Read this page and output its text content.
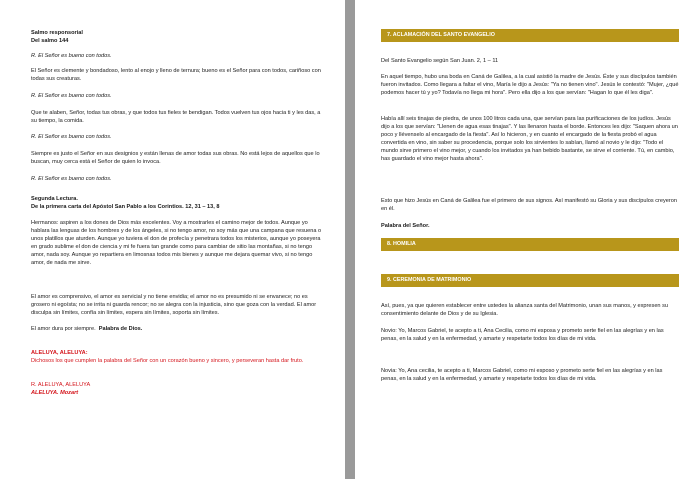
Salmo responsorial
Del salmo 144
R. El Señor es bueno con todos.
El Señor es clemente y bondadoso, lento al enojo y lleno de ternura; bueno es el Señor para con todos, cariñoso con todas sus creaturas.
R. El Señor es bueno con todos.
Que te alaben, Señor, todas tus obras, y que todos tus fieles te bendigan. Todos vuelven tus ojos hacia ti y les das, a su tiempo, la comida.
R. El Señor es bueno con todos.
Siempre es justo el Señor en sus designios y están llenas de amor todas sus obras. No está lejos de aquellos que lo buscan, muy cerca está el Señor de quien lo invoca.
R. El Señor es bueno con todos.
Segunda Lectura.
De la primera carta del Apóstol San Pablo a los Corintios. 12, 31 – 13, 8
Hermanos: aspiren a los dones de Dios más excelentes. Voy a mostrarles el camino mejor de todos. Aunque yo hablara las lenguas de los hombres y de los ángeles, si no tengo amor, no soy más que una campana que resuena o unos platillos que aturden. Aunque yo tuviera el don de profecía y penetrara todos los misterios, aunque yo poseyera en grado sublime el don de ciencia y mi fe fuera tan grande como para cambiar de sitio las montañas, si no tengo amor, nada soy. Aunque yo repartiera en limosnas todos mis bienes y aunque me dejara quemar vivo, si no tengo amor, de nada me sirve.
El amor es comprensivo, el amor es servicial y no tiene envidia; el amor no es presumido ni se envanece; no es grosero ni egoísta; no se irrita ni guarda rencor; no se alegra con la injusticia, sino que goza con la verdad. El amor disculpa sin límites, confía sin límites, espera sin límites, soporta sin límites.
El amor dura por siempre. Palabra de Dios.
ALELUYA, ALELUYA:
Dichosos los que cumplen la palabra del Señor con un corazón bueno y sincero, y perseveran hasta dar fruto.
R. ALELUYA, ALELUYA
ALELUYA. Mozart
7. ACLAMACIÓN DEL SANTO EVANGELIO
Del Santo Evangelio según San Juan. 2, 1 – 11
En aquel tiempo, hubo una boda en Caná de Galilea, a la cual asistió la madre de Jesús. Éste y sus discípulos también fueron invitados. Como llegara a faltar el vino, María le dijo a Jesús: "Ya no tienen vino". Jesús le contestó: "Mujer, ¿qué podemos hacer tú y yo? Todavía no llega mi hora". Pero ella dijo a los que servían: "Hagan lo que él les diga".
Había allí seis tinajas de piedra, de unos 100 litros cada una, que servían para las purificaciones de los judíos. Jesús dijo a los que servían: "Llenen de agua esas tinajas". Y las llenaron hasta el borde. Entonces les dijo: "Saquen ahora un poco y llévenselo al encargado de la fiesta". Así lo hicieron, y en cuanto el encargado de la fiesta probó el agua convertida en vino, sin saber su procedencia, porque solo los sirvientes lo sabían, llamó al novio y le dijo: "Todo el mundo sirve primero el vino mejor, y cuando los invitados ya han bebido bastante, se sirve el corriente. Tú, en cambio, has guardado el vino mejor hasta ahora".
Esto que hizo Jesús en Caná de Galilea fue el primero de sus signos. Así manifestó su Gloria y sus discípulos creyeron en él.
Palabra del Señor.
8. HOMILIA
9. CEREMONIA DE MATRIMONIO
Así, pues, ya que quieren establecer entre ustedes la alianza santa del Matrimonio, unan sus manos, y expresen su consentimiento delante de Dios y de su Iglesia.
Novio: Yo, Marcos Gabriel, te acepto a ti, Ana Cecilia, como mi esposa y prometo serte fiel en las alegrías y en las penas, en la salud y en la enfermedad, y amarte y respetarte todos los días de mi vida.
Novia: Yo, Ana cecilia, te acepto a ti, Marcos Gabriel, como mi esposo y prometo serte fiel en las alegrías y en las penas, en la salud y en la enfermedad, y amarte y respetarte todos los días de mi vida.
